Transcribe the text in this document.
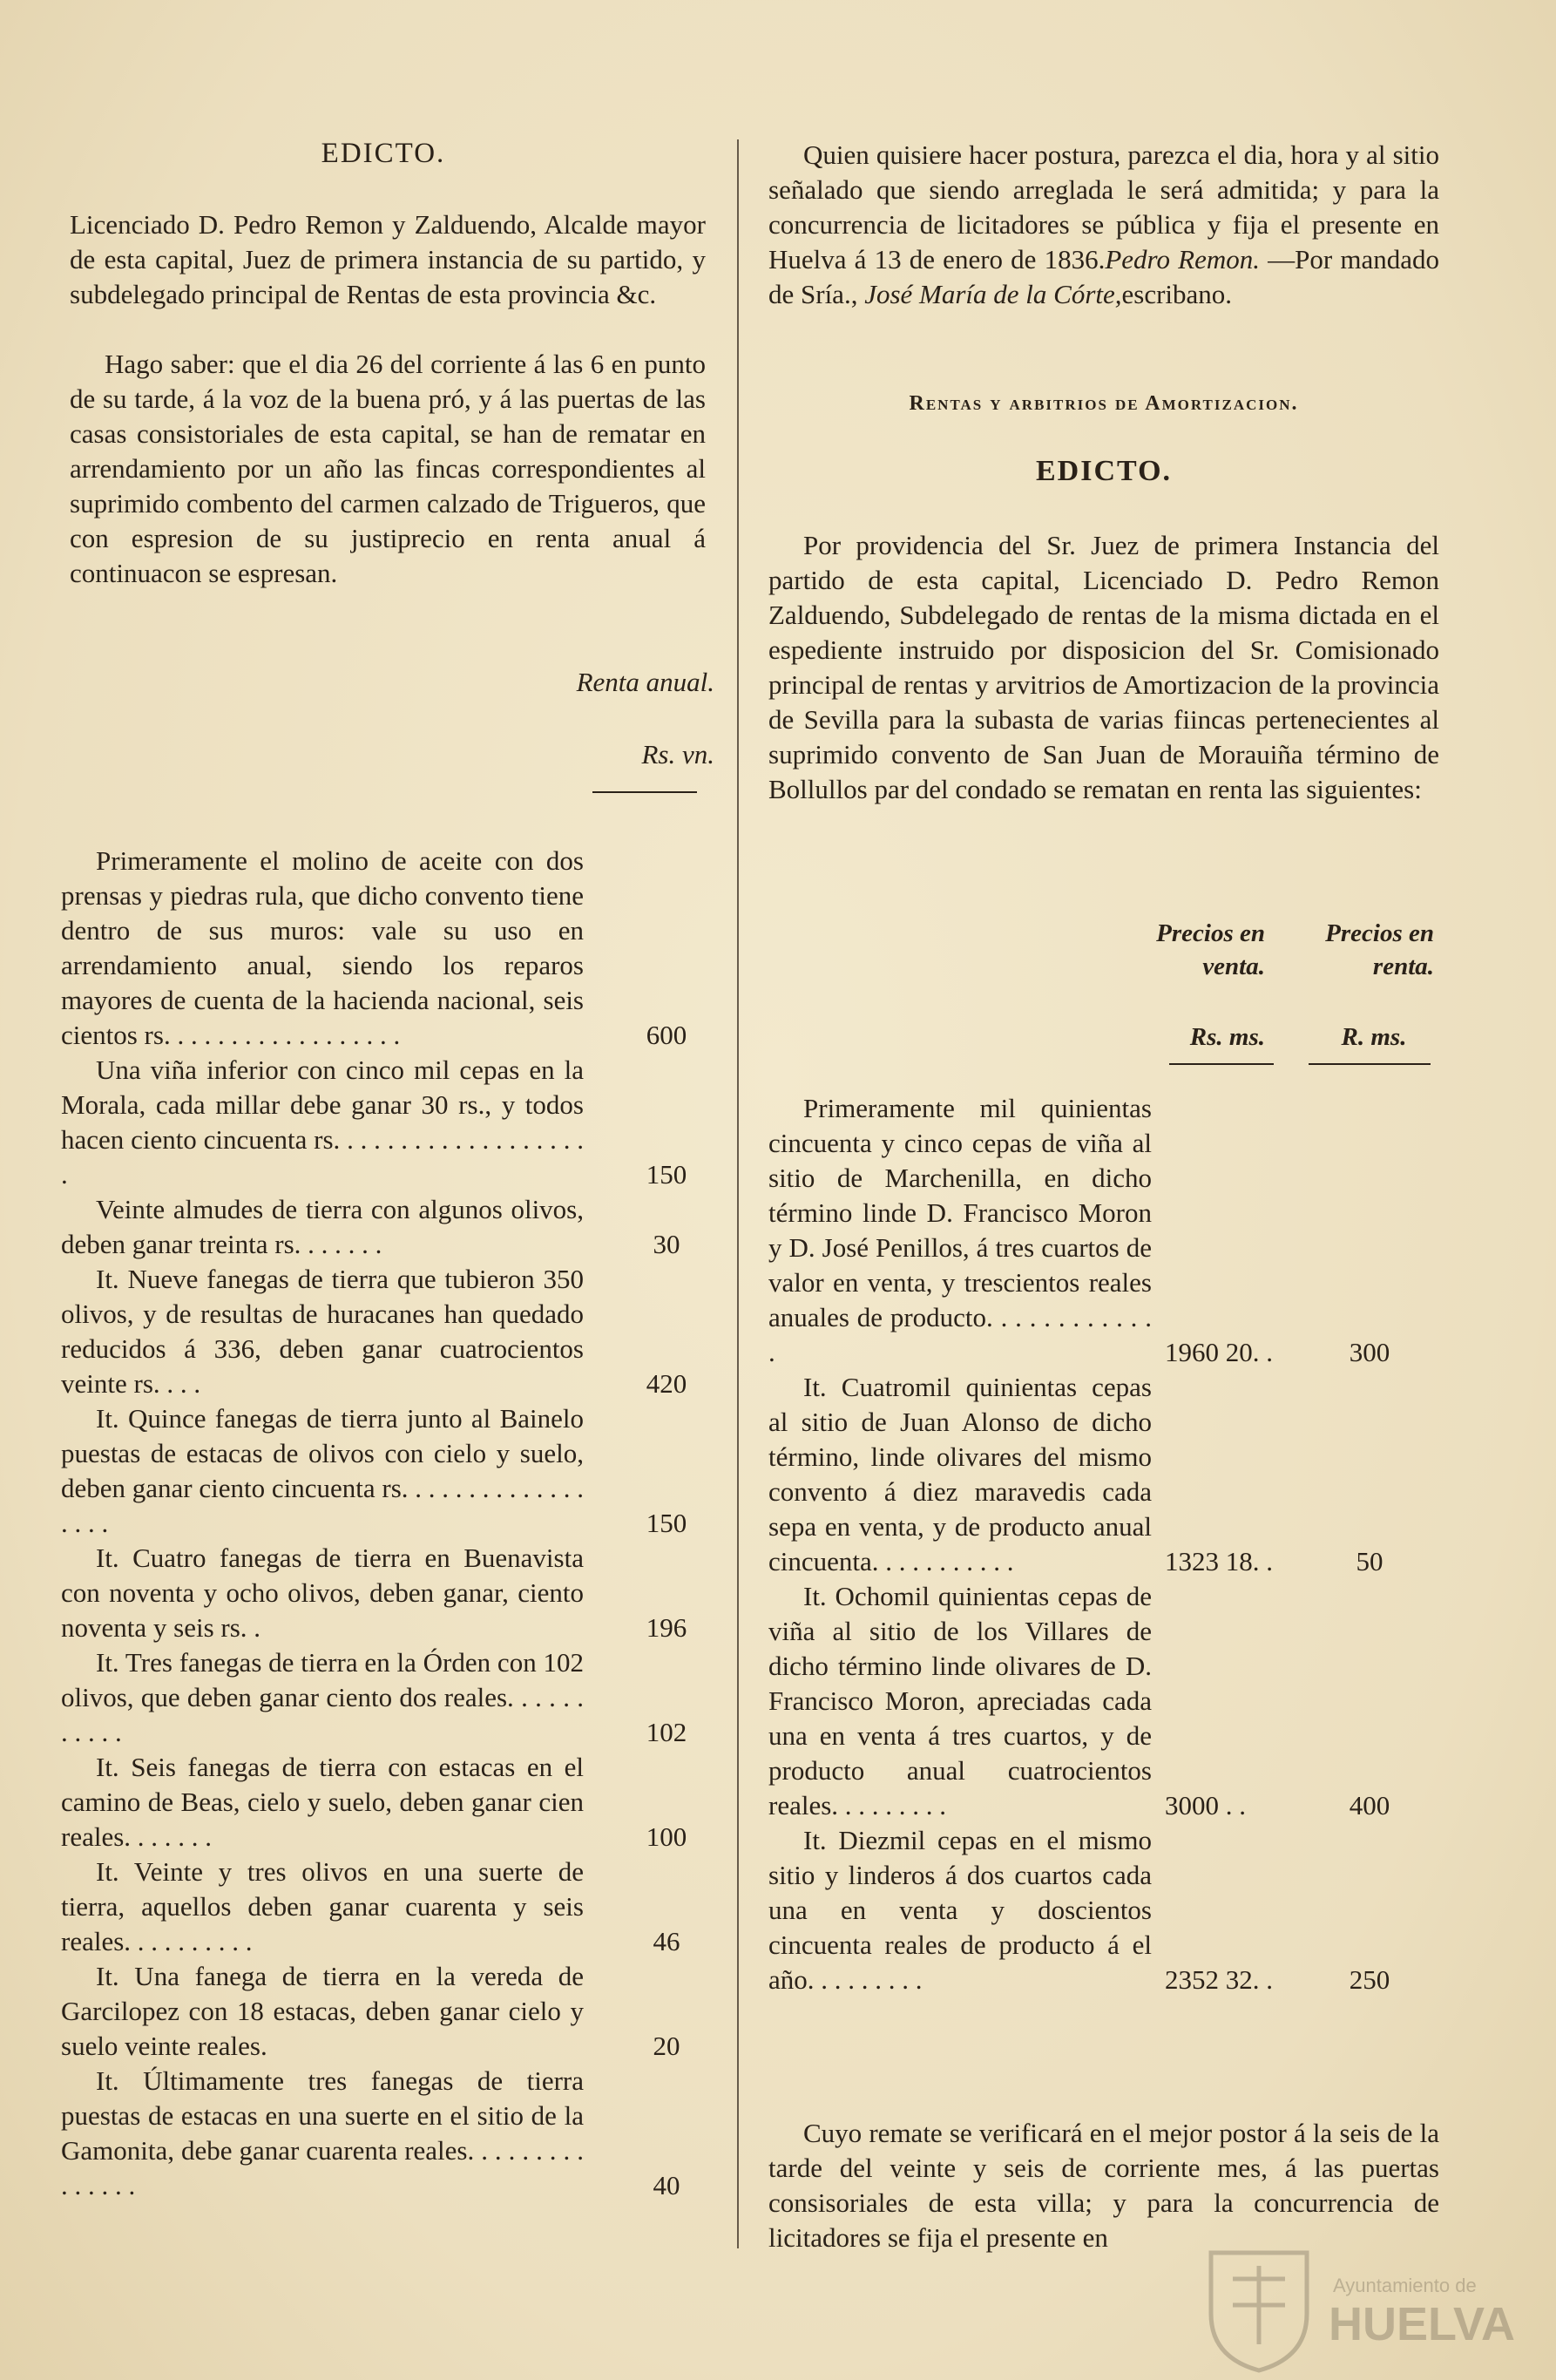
EDICTO.

Licenciado D. Pedro Remon y Zalduendo, Alcalde mayor de esta capital, Juez de primera instancia de su partido, y subdelegado principal de Rentas de esta provincia &c.

Hago saber: que el dia 26 del corriente á las 6 en punto de su tarde, á la voz de la buena pró, y á las puertas de las casas consistoriales de esta capital, se han de rematar en arrendamiento por un año las fincas correspondientes al suprimido combento del carmen calzado de Trigueros, que con espresion de su justiprecio en renta anual á continuacon se espresan.

Renta anual.
Rs. vn.

Primeramente el molino de aceite con dos prensas y piedras rula, que dicho convento tiene dentro de sus muros: vale su uso en arrendamiento anual, siendo los reparos mayores de cuenta de la hacienda nacional, seis cientos rs. . . . . . . . . . . . . . . . . .	600

Una viña inferior con cinco mil cepas en la Morala, cada millar debe ganar 30 rs., y todos hacen ciento cincuenta rs. . . . . . . . . . . . . . . . . . . .	150

Veinte almudes de tierra con algunos olivos, deben ganar treinta rs. . . . . . .	30

It. Nueve fanegas de tierra que tubieron 350 olivos, y de resultas de huracanes han quedado reducidos á 336, deben ganar cuatrocientos veinte rs. . . .	420

It. Quince fanegas de tierra junto al Bainelo puestas de estacas de olivos con cielo y suelo, deben ganar ciento cincuenta rs. . . . . . . . . . . . . . . . . .	150

It. Cuatro fanegas de tierra en Buenavista con noventa y ocho olivos, deben ganar, ciento noventa y seis rs. .	196

It. Tres fanegas de tierra en la Órden con 102 olivos, que deben ganar ciento dos reales. . . . . . . . . . .	102

It. Seis fanegas de tierra con estacas en el camino de Beas, cielo y suelo, deben ganar cien reales. . . . . . .	100

It. Veinte y tres olivos en una suerte de tierra, aquellos deben ganar cuarenta y seis reales. . . . . . . . . .	46

It. Una fanega de tierra en la vereda de Garcilopez con 18 estacas, deben ganar cielo y suelo veinte reales.	20

It. Últimamente tres fanegas de tierra puestas de estacas en una suerte en el sitio de la Gamonita, debe ganar cuarenta reales. . . . . . . . . . . . . . .	40

Quien quisiere hacer postura, parezca el dia, hora y al sitio señalado que siendo arreglada le será admitida; y para la concurrencia de licitadores se pública y fija el presente en Huelva á 13 de enero de 1836.Pedro Remon. —Por mandado de Sría., José María de la Córte,escribano.

Rentas y arbitrios de Amortizacion.
EDICTO.

Por providencia del Sr. Juez de primera Instancia del partido de esta capital, Licenciado D. Pedro Remon Zalduendo, Subdelegado de rentas de la misma dictada en el espediente instruido por disposicion del Sr. Comisionado principal de rentas y arvitrios de Amortizacion de la provincia de Sevilla para la subasta de varias fiincas pertenecientes al suprimido convento de San Juan de Morauiña término de Bollullos par del condado se rematan en renta las siguientes:

Precios en venta.
Precios en renta.
Rs. ms.	R. ms.

Primeramente mil quinientas cincuenta y cinco cepas de viña al sitio de Marchenilla, en dicho término linde D. Francisco Moron y D. José Penillos, á tres cuartos de valor en venta, y trescientos reales anuales de producto. . . . . . . . . . . . .	1960 20. .	300

It. Cuatromil quinientas cepas al sitio de Juan Alonso de dicho término, linde olivares del mismo convento á diez maravedis cada sepa en venta, y de producto anual cincuenta. . . . . . . . . . .	1323 18. .	50

It. Ochomil quinientas cepas de viña al sitio de los Villares de dicho término linde olivares de D. Francisco Moron, apreciadas cada una en venta á tres cuartos, y de producto anual cuatrocientos reales. . . . . . . . .	3000 . .	400

It. Diezmil cepas en el mismo sitio y linderos á dos cuartos cada una en venta y doscientos cincuenta reales de producto á el año. . . . . . . . .	2352 32. .	250

Cuyo remate se verificará en el mejor postor á la seis de la tarde del veinte y seis de corriente mes, á las puertas consisoriales de esta villa; y para la concurrencia de licitadores se fija el presente en

Ayuntamiento de
HUELVA
